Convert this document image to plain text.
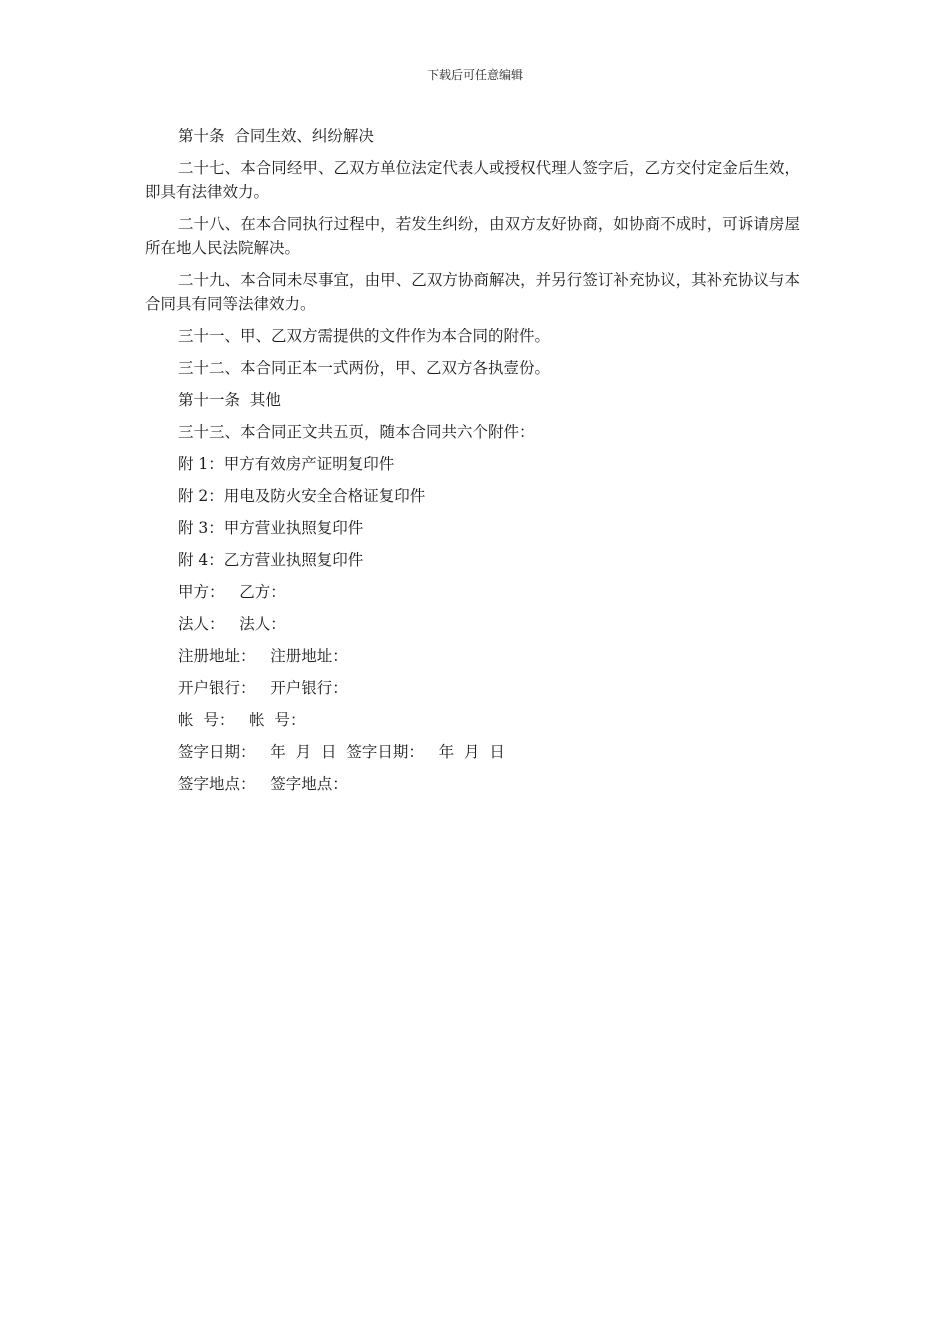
下载后可任意编辑
第十条  合同生效、纠纷解决
二十七、本合同经甲、乙双方单位法定代表人或授权代理人签字后，乙方交付定金后生效，即具有法律效力。
二十八、在本合同执行过程中，若发生纠纷，由双方友好协商，如协商不成时，可诉请房屋所在地人民法院解决。
二十九、本合同未尽事宜，由甲、乙双方协商解决，并另行签订补充协议，其补充协议与本合同具有同等法律效力。
三十一、甲、乙双方需提供的文件作为本合同的附件。
三十二、本合同正本一式两份，甲、乙双方各执壹份。
第十一条  其他
三十三、本合同正文共五页，随本合同共六个附件：
附 1：甲方有效房产证明复印件
附 2：用电及防火安全合格证复印件
附 3：甲方营业执照复印件
附 4：乙方营业执照复印件
甲方：   乙方：
法人：   法人：
注册地址：   注册地址：
开户银行：   开户银行：
帐  号：   帐  号：
签字日期：   年  月  日  签字日期：   年  月  日
签字地点：   签字地点：
